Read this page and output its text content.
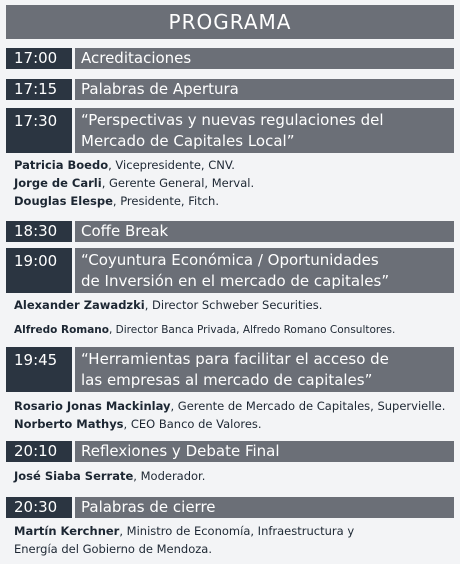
PROGRAMA
17:00	Acreditaciones
17:15	Palabras de Apertura
17:30	“Perspectivas y nuevas regulaciones del
Mercado de Capitales Local”
Patricia Boedo, Vicepresidente, CNV.
Jorge de Carli, Gerente General, Merval.
Douglas Elespe, Presidente, Fitch.
18:30	Coffe Break
19:00	“Coyuntura Económica / Oportunidades
de Inversión en el mercado de capitales”
Alexander Zawadzki, Director Schweber Securities.
Alfredo Romano, Director Banca Privada, Alfredo Romano Consultores.
19:45	“Herramientas para facilitar el acceso de
las empresas al mercado de capitales”
Rosario Jonas Mackinlay, Gerente de Mercado de Capitales, Supervielle.
Norberto Mathys, CEO Banco de Valores.
20:10	Reflexiones y Debate Final
José Siaba Serrate, Moderador.
20:30	Palabras de cierre
Martín Kerchner, Ministro de Economía, Infraestructura y
Energía del Gobierno de Mendoza.
